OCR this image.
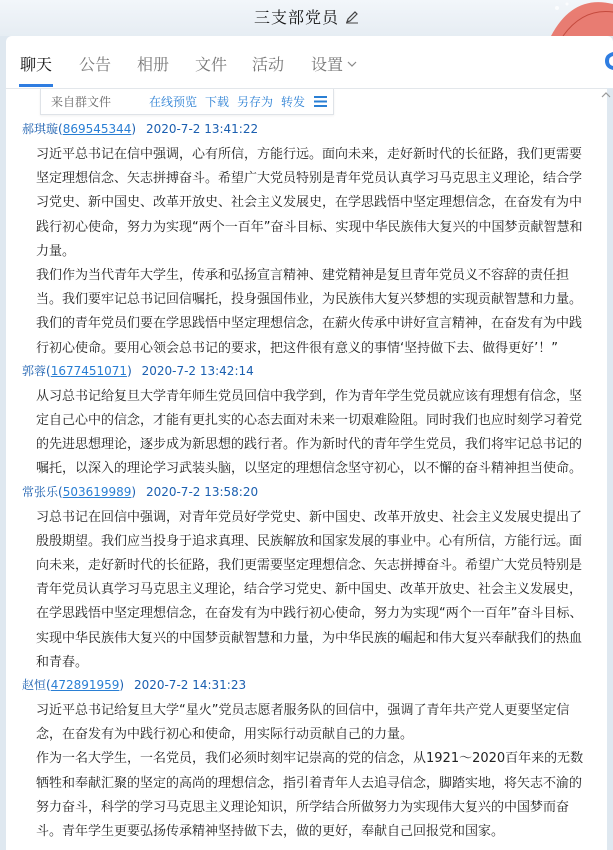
三支部党员
聊天 公告 相册 文件 活动 设置
来自群文件	在线预览 下载 另存为 转发
郝琪璇(869545344) 2020-7-2 13:41:22

习近平总书记在信中强调，心有所信，方能行远。面向未来，走好新时代的长征路，我们更需要坚定理想信念、矢志拼搏奋斗。希望广大党员特别是青年党员认真学习马克思主义理论，结合学习党史、新中国史、改革开放史、社会主义发展史，在学思践悟中坚定理想信念，在奋发有为中践行初心使命，努力为实现“两个一百年”奋斗目标、实现中华民族伟大复兴的中国梦贡献智慧和力量。

我们作为当代青年大学生，传承和弘扬宣言精神、建党精神是复旦青年党员义不容辞的责任担当。我们要牢记总书记回信嘱托，投身强国伟业，为民族伟大复兴梦想的实现贡献智慧和力量。我们的青年党员们要在学思践悟中坚定理想信念，在薪火传承中讲好宣言精神，在奋发有为中践行初心使命。要用心领会总书记的要求，把这件很有意义的事情‘坚持做下去、做得更好’！”

郭蓉(1677451071) 2020-7-2 13:42:14

从习总书记给复旦大学青年师生党员回信中我学到，作为青年学生党员就应该有理想有信念，坚定自己心中的信念，才能有更扎实的心态去面对未来一切艰难险阻。同时我们也应时刻学习着党的先进思想理论，逐步成为新思想的践行者。作为新时代的青年学生党员，我们将牢记总书记的嘱托，以深入的理论学习武装头脑，以坚定的理想信念坚守初心，以不懈的奋斗精神担当使命。

常张乐(503619989) 2020-7-2 13:58:20

习总书记在回信中强调，对青年党员好学党史、新中国史、改革开放史、社会主义发展史提出了殷殷期望。我们应当投身于追求真理、民族解放和国家发展的事业中。心有所信，方能行远。面向未来，走好新时代的长征路，我们更需要坚定理想信念、矢志拼搏奋斗。希望广大党员特别是青年党员认真学习马克思主义理论，结合学习党史、新中国史、改革开放史、社会主义发展史，在学思践悟中坚定理想信念，在奋发有为中践行初心使命，努力为实现“两个一百年”奋斗目标、实现中华民族伟大复兴的中国梦贡献智慧和力量，为中华民族的崛起和伟大复兴奉献我们的热血和青春。

赵恒(472891959) 2020-7-2 14:31:23

习近平总书记给复旦大学“星火”党员志愿者服务队的回信中，强调了青年共产党人更要坚定信念，在奋发有为中践行初心和使命，用实际行动贡献自己的力量。

作为一名大学生，一名党员，我们必须时刻牢记崇高的党的信念，从1921～2020百年来的无数牺牲和奉献汇聚的坚定的高尚的理想信念，指引着青年人去追寻信念，脚踏实地，将矢志不渝的努力奋斗，科学的学习马克思主义理论知识，所学结合所做努力为实现伟大复兴的中国梦而奋斗。青年学生更要弘扬传承精神坚持做下去，做的更好，奉献自己回报党和国家。
